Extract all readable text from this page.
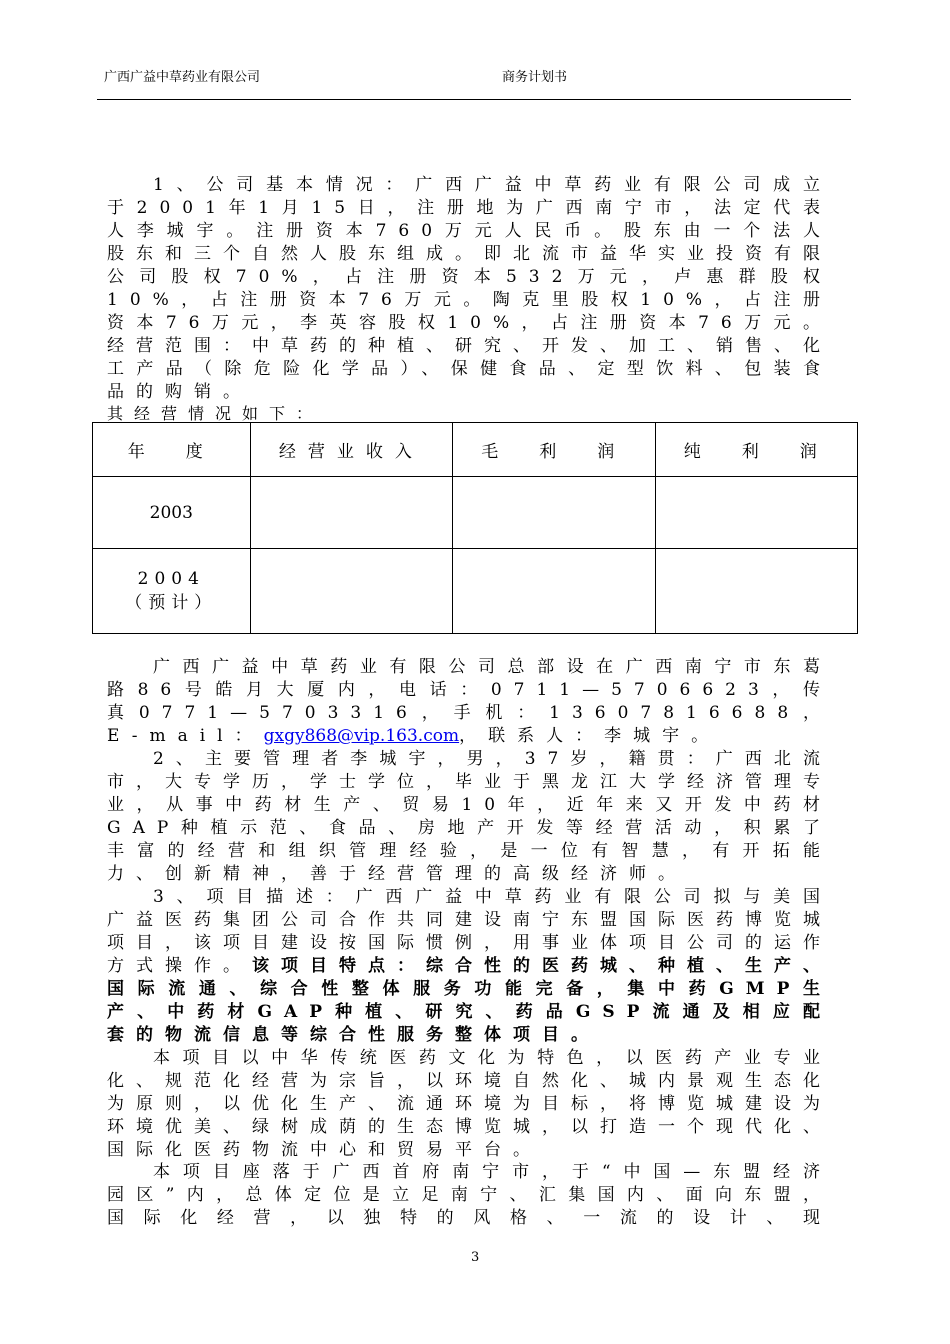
广西广益中草药业有限公司	商务计划书

1、公司基本情况：广西广益中草药业有限公司成立于2001年1月15日，注册地为广西南宁市，法定代表人李城宇。注册资本760万元人民币。股东由一个法人股东和三个自然人股东组成。即北流市益华实业投资有限公司股权70%，占注册资本532万元，卢惠群股权10%，占注册资本76万元。陶克里股权10%，占注册资本76万元，李英容股权10%，占注册资本76万元。经营范围：中草药的种植、研究、开发、加工、销售、化工产品（除危险化学品）、保健食品、定型饮料、包装食品的购销。

其经营情况如下：

年　度	经营业收入	毛　利　润	纯　利　润
2003			
2004（预计）			

广西广益中草药业有限公司总部设在广西南宁市东葛路86号皓月大厦内，电话：0711—5706623，传真0771—5703316，手机：13607816688，E-mail：gxgy868@vip.163.com，联系人：李城宇。

2、主要管理者李城宇，男，37岁，籍贯：广西北流市，大专学历，学士学位，毕业于黑龙江大学经济管理专业，从事中药材生产、贸易10年，近年来又开发中药材GAP种植示范、食品、房地产开发等经营活动，积累了丰富的经营和组织管理经验，是一位有智慧，有开拓能力、创新精神，善于经营管理的高级经济师。

3、项目描述：广西广益中草药业有限公司拟与美国广益医药集团公司合作共同建设南宁东盟国际医药博览城项目，该项目建设按国际惯例，用事业体项目公司的运作方式操作。该项目特点：综合性的医药城、种植、生产、国际流通、综合性整体服务功能完备，集中药GMP生产、中药材GAP种植、研究、药品GSP流通及相应配套的物流信息等综合性服务整体项目。

本项目以中华传统医药文化为特色，以医药产业专业化、规范化经营为宗旨，以环境自然化、城内景观生态化为原则，以优化生产、流通环境为目标，将博览城建设为环境优美、绿树成荫的生态博览城，以打造一个现代化、国际化医药物流中心和贸易平台。

本项目座落于广西首府南宁市，于“中国—东盟经济园区”内，总体定位是立足南宁、汇集国内、面向东盟，国际化经营，以独特的风格、一流的设计、现

3
